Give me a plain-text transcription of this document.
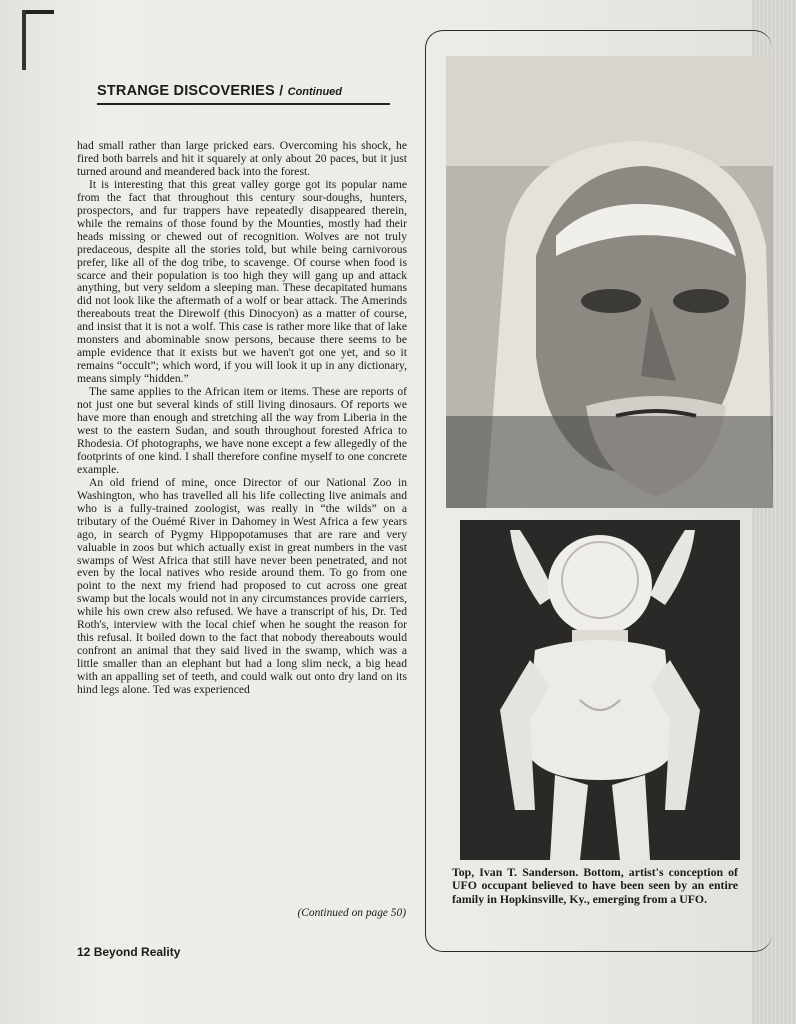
STRANGE DISCOVERIES / Continued

had small rather than large pricked ears. Overcoming his shock, he fired both barrels and hit it squarely at only about 20 paces, but it just turned around and meandered back into the forest.

It is interesting that this great valley gorge got its popular name from the fact that throughout this century sour-doughs, hunters, prospectors, and fur trappers have repeatedly disappeared therein, while the remains of those found by the Mounties, mostly had their heads missing or chewed out of recognition. Wolves are not truly predaceous, despite all the stories told, but while being carnivorous prefer, like all of the dog tribe, to scavenge. Of course when food is scarce and their population is too high they will gang up and attack anything, but very seldom a sleeping man. These decapitated humans did not look like the aftermath of a wolf or bear attack. The Amerinds thereabouts treat the Direwolf (this Dinocyon) as a matter of course, and insist that it is not a wolf. This case is rather more like that of lake monsters and abominable snow persons, because there seems to be ample evidence that it exists but we haven't got one yet, and so it remains “occult”; which word, if you will look it up in any dictionary, means simply “hidden.”

The same applies to the African item or items. These are reports of not just one but several kinds of still living dinosaurs. Of reports we have more than enough and stretching all the way from Liberia in the west to the eastern Sudan, and south throughout forested Africa to Rhodesia. Of photographs, we have none except a few allegedly of the footprints of one kind. I shall therefore confine myself to one concrete example.

An old friend of mine, once Director of our National Zoo in Washington, who has travelled all his life collecting live animals and who is a fully-trained zoologist, was really in “the wilds” on a tributary of the Ouémé River in Dahomey in West Africa a few years ago, in search of Pygmy Hippopotamuses that are rare and very valuable in zoos but which actually exist in great numbers in the vast swamps of West Africa that still have never been penetrated, and not even by the local natives who reside around them. To go from one point to the next my friend had proposed to cut across one great swamp but the locals would not in any circumstances provide carriers, while his own crew also refused. We have a transcript of his, Dr. Ted Roth's, interview with the local chief when he sought the reason for this refusal. It boiled down to the fact that nobody thereabouts would confront an animal that they said lived in the swamp, which was a little smaller than an elephant but had a long slim neck, a big head with an appalling set of teeth, and could walk out onto dry land on its hind legs alone. Ted was experienced

(Continued on page 50)
12 Beyond Reality
Top, Ivan T. Sanderson. Bottom, artist's conception of UFO occupant believed to have been seen by an entire family in Hopkinsville, Ky., emerging from a UFO.
